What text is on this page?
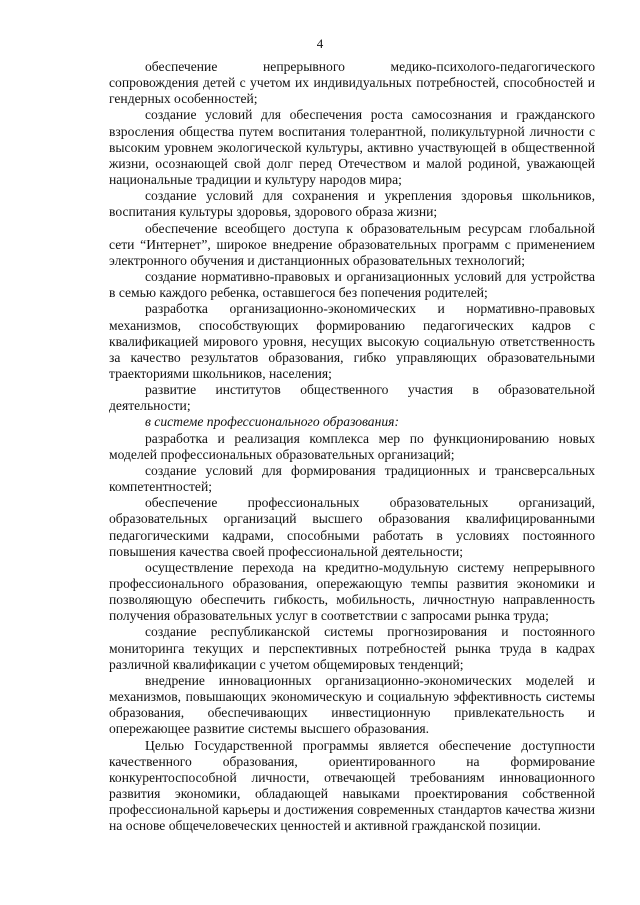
4

обеспечение непрерывного медико-психолого-педагогического сопровождения детей с учетом их индивидуальных потребностей, способностей и гендерных особенностей;

создание условий для обеспечения роста самосознания и гражданского взросления общества путем воспитания толерантной, поликультурной личности с высоким уровнем экологической культуры, активно участвующей в общественной жизни, осознающей свой долг перед Отечеством и малой родиной, уважающей национальные традиции и культуру народов мира;

создание условий для сохранения и укрепления здоровья школьников, воспитания культуры здоровья, здорового образа жизни;

обеспечение всеобщего доступа к образовательным ресурсам глобальной сети “Интернет”, широкое внедрение образовательных программ с применением электронного обучения и дистанционных образовательных технологий;

создание нормативно-правовых и организационных условий для устройства в семью каждого ребенка, оставшегося без попечения родителей;

разработка организационно-экономических и нормативно-правовых механизмов, способствующих формированию педагогических кадров с квалификацией мирового уровня, несущих высокую социальную ответственность за качество результатов образования, гибко управляющих образовательными траекториями школьников, населения;

развитие институтов общественного участия в образовательной деятельности;

в системе профессионального образования:

разработка и реализация комплекса мер по функционированию новых моделей профессиональных образовательных организаций;

создание условий для формирования традиционных и трансверсальных компетентностей;

обеспечение профессиональных образовательных организаций, образовательных организаций высшего образования квалифицированными педагогическими кадрами, способными работать в условиях постоянного повышения качества своей профессиональной деятельности;

осуществление перехода на кредитно-модульную систему непрерывного профессионального образования, опережающую темпы развития экономики и позволяющую обеспечить гибкость, мобильность, личностную направленность получения образовательных услуг в соответствии с запросами рынка труда;

создание республиканской системы прогнозирования и постоянного мониторинга текущих и перспективных потребностей рынка труда в кадрах различной квалификации с учетом общемировых тенденций;

внедрение инновационных организационно-экономических моделей и механизмов, повышающих экономическую и социальную эффективность системы образования, обеспечивающих инвестиционную привлекательность и опережающее развитие системы высшего образования.

Целью Государственной программы является обеспечение доступности качественного образования, ориентированного на формирование конкурентоспособной личности, отвечающей требованиям инновационного развития экономики, обладающей навыками проектирования собственной профессиональной карьеры и достижения современных стандартов качества жизни на основе общечеловеческих ценностей и активной гражданской позиции.
